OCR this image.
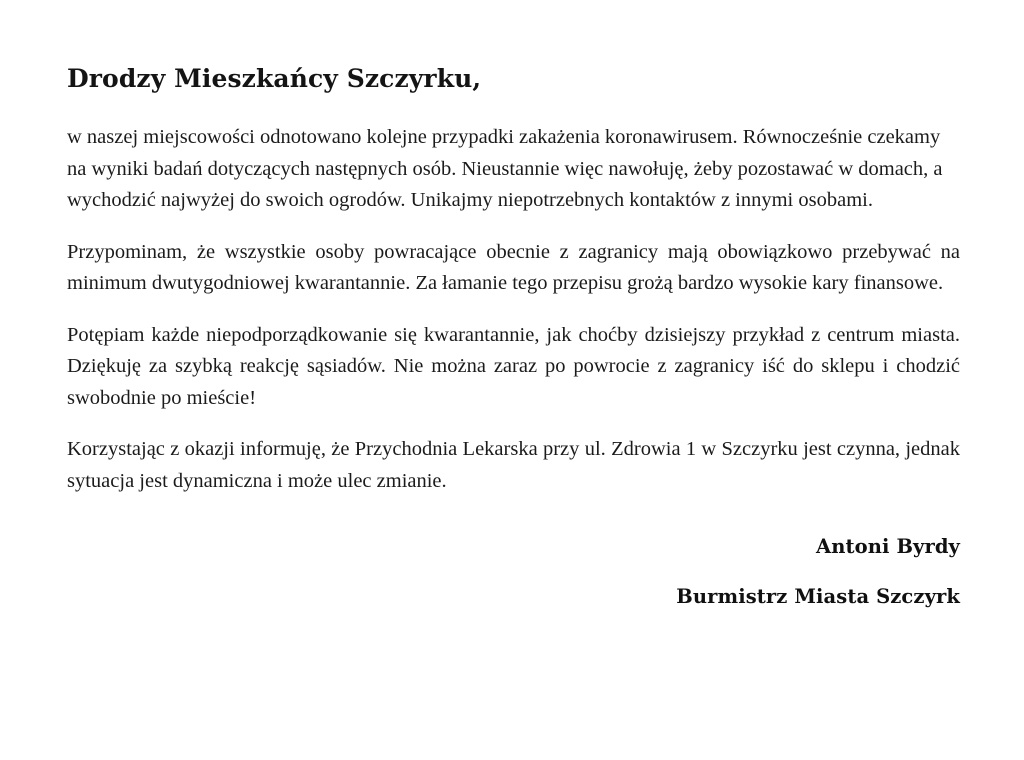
Drodzy Mieszkańcy Szczyrku,

w naszej miejscowości odnotowano kolejne przypadki zakażenia koronawirusem. Równocześnie czekamy na wyniki badań dotyczących następnych osób. Nieustannie więc nawołuję, żeby pozostawać w domach, a wychodzić najwyżej do swoich ogrodów. Unikajmy niepotrzebnych kontaktów z innymi osobami.

Przypominam, że wszystkie osoby powracające obecnie z zagranicy mają obowiązkowo przebywać na minimum dwutygodniowej kwarantannie. Za łamanie tego przepisu grożą bardzo wysokie kary finansowe.

Potępiam każde niepodporządkowanie się kwarantannie, jak choćby dzisiejszy przykład z centrum miasta. Dziękuję za szybką reakcję sąsiadów. Nie można zaraz po powrocie z zagranicy iść do sklepu i chodzić swobodnie po mieście!

Korzystając z okazji informuję, że Przychodnia Lekarska przy ul. Zdrowia 1 w Szczyrku jest czynna, jednak sytuacja jest dynamiczna i może ulec zmianie.

Antoni Byrdy

Burmistrz Miasta Szczyrk
